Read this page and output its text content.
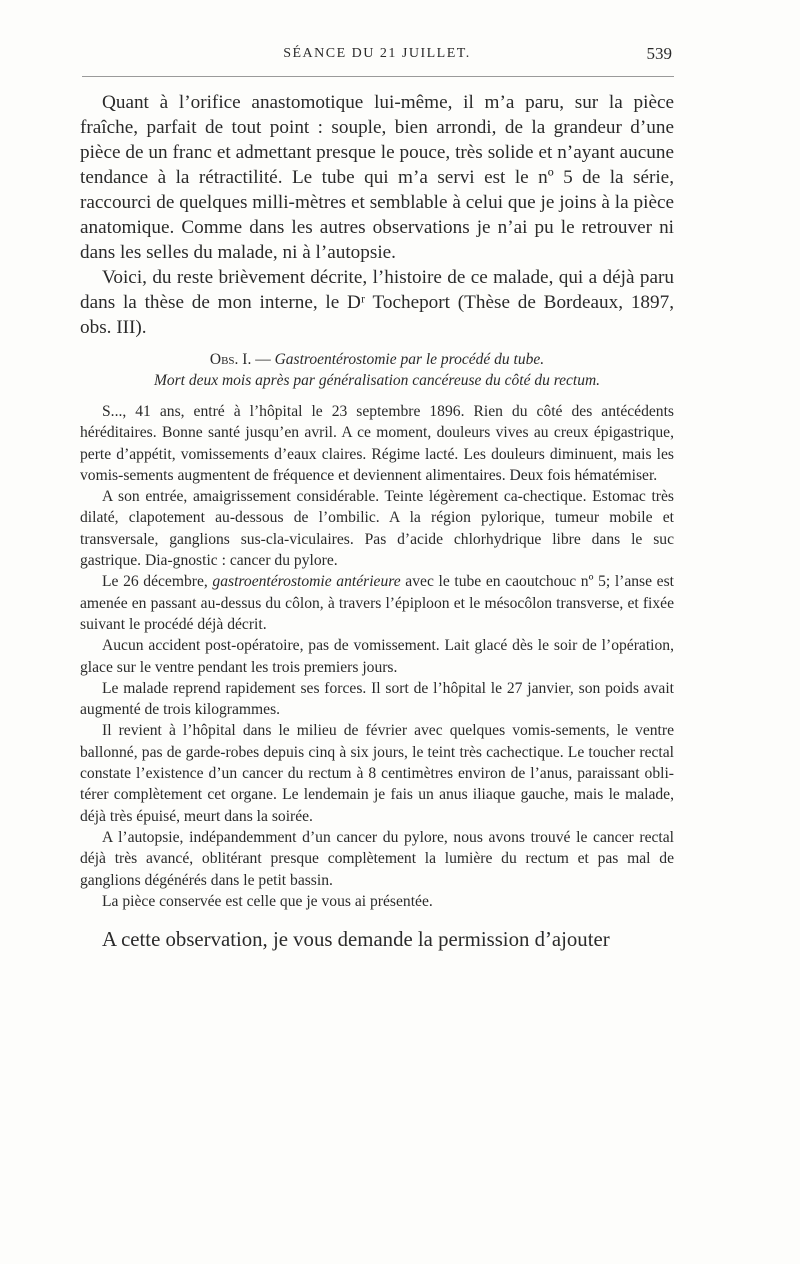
SÉANCE DU 21 JUILLET.	539

Quant à l’orifice anastomotique lui-même, il m’a paru, sur la pièce fraîche, parfait de tout point : souple, bien arrondi, de la grandeur d’une pièce de un franc et admettant presque le pouce, très solide et n’ayant aucune tendance à la rétractilité. Le tube qui m’a servi est le nº 5 de la série, raccourci de quelques milli-mètres et semblable à celui que je joins à la pièce anatomique. Comme dans les autres observations je n’ai pu le retrouver ni dans les selles du malade, ni à l’autopsie.

Voici, du reste brièvement décrite, l’histoire de ce malade, qui a déjà paru dans la thèse de mon interne, le Dʳ Tocheport (Thèse de Bordeaux, 1897, obs. III).

Obs. I. — Gastroentérostomie par le procédé du tube.
Mort deux mois après par généralisation cancéreuse du côté du rectum.

S..., 41 ans, entré à l’hôpital le 23 septembre 1896. Rien du côté des antécédents héréditaires. Bonne santé jusqu’en avril. A ce moment, douleurs vives au creux épigastrique, perte d’appétit, vomissements d’eaux claires. Régime lacté. Les douleurs diminuent, mais les vomis-sements augmentent de fréquence et deviennent alimentaires. Deux fois hématémiser.

A son entrée, amaigrissement considérable. Teinte légèrement ca-chectique. Estomac très dilaté, clapotement au-dessous de l’ombilic. A la région pylorique, tumeur mobile et transversale, ganglions sus-cla-viculaires. Pas d’acide chlorhydrique libre dans le suc gastrique. Dia-gnostic : cancer du pylore.

Le 26 décembre, gastroentérostomie antérieure avec le tube en caoutchouc nº 5; l’anse est amenée en passant au-dessus du côlon, à travers l’épiploon et le mésocôlon transverse, et fixée suivant le procédé déjà décrit.

Aucun accident post-opératoire, pas de vomissement. Lait glacé dès le soir de l’opération, glace sur le ventre pendant les trois premiers jours.

Le malade reprend rapidement ses forces. Il sort de l’hôpital le 27 janvier, son poids avait augmenté de trois kilogrammes.

Il revient à l’hôpital dans le milieu de février avec quelques vomis-sements, le ventre ballonné, pas de garde-robes depuis cinq à six jours, le teint très cachectique. Le toucher rectal constate l’existence d’un cancer du rectum à 8 centimètres environ de l’anus, paraissant obli-térer complètement cet organe. Le lendemain je fais un anus iliaque gauche, mais le malade, déjà très épuisé, meurt dans la soirée.

A l’autopsie, indépandemment d’un cancer du pylore, nous avons trouvé le cancer rectal déjà très avancé, oblitérant presque complètement la lumière du rectum et pas mal de ganglions dégénérés dans le petit bassin.

La pièce conservée est celle que je vous ai présentée.

A cette observation, je vous demande la permission d’ajouter
